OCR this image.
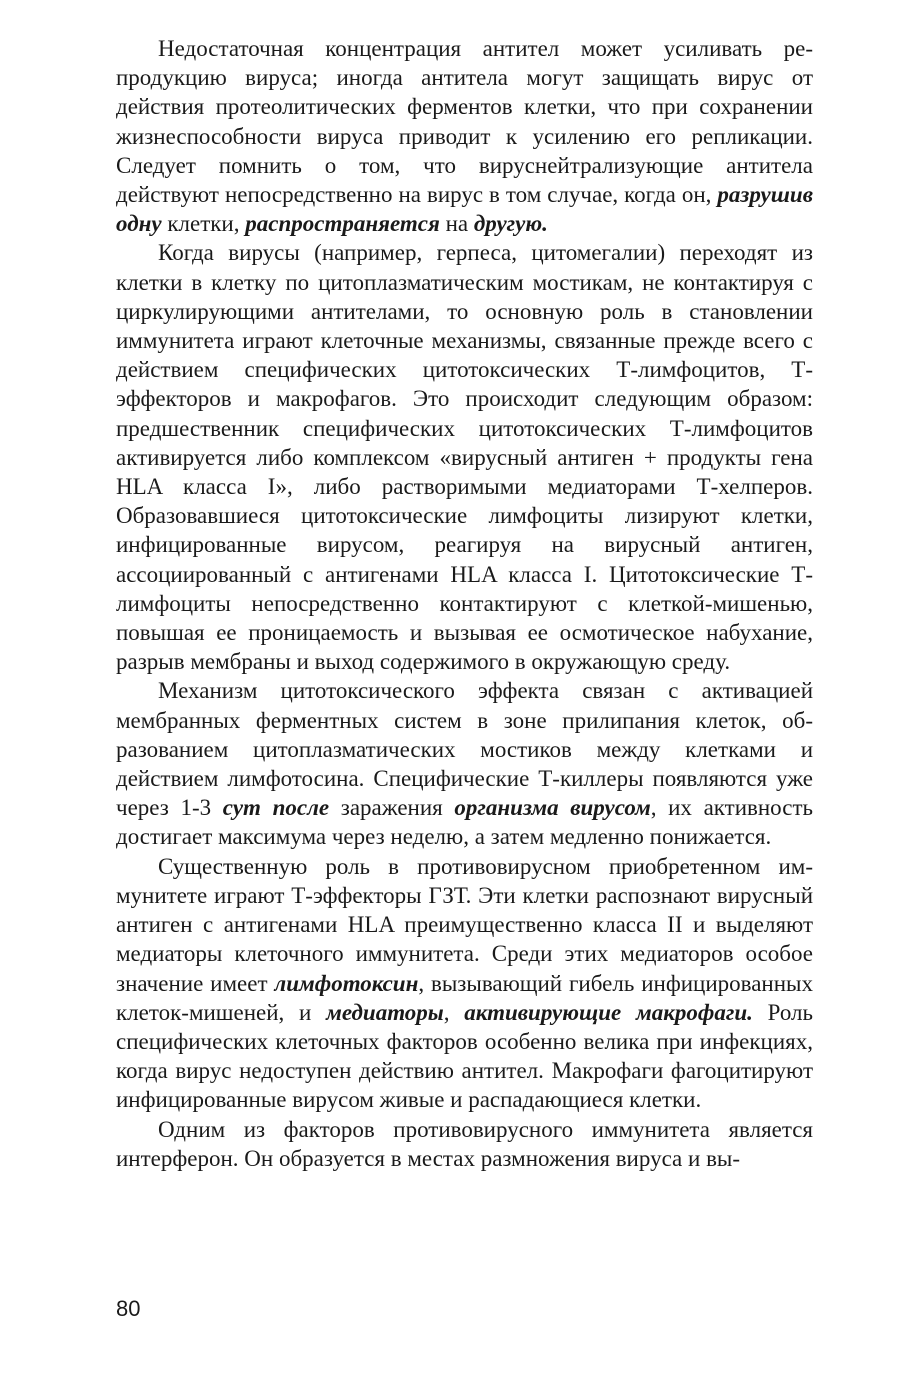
Недостаточная концентрация антител может усиливать репродукцию вируса; иногда антитела могут защищать вирус от действия протеолитических ферментов клетки, что при сохранении жизнеспособности вируса приводит к усилению его репликации. Следует помнить о том, что вируснейтрализующие антитела действуют непосредственно на вирус в том случае, когда он, разрушив одну клетки, распространяется на другую.

Когда вирусы (например, герпеса, цитомегалии) переходят из клетки в клетку по цитоплазматическим мостикам, не контактируя с циркулирующими антителами, то основную роль в становлении иммунитета играют клеточные механизмы, связанные прежде всего с действием специфических цитотоксических Т-лимфоцитов, Т-эффекторов и макрофагов. Это происходит следующим образом: предшественник специфических цитотоксических Т-лимфоцитов активируется либо комплексом «вирусный антиген + продукты гена HLA класса I», либо растворимыми медиаторами Т-хелперов. Образовавшиеся цитотоксические лимфоциты лизируют клетки, инфицированные вирусом, реагируя на вирусный антиген, ассоциированный с антигенами HLA класса I. Цитотоксические Т-лимфоциты непосредственно контактируют с клеткой-мишенью, повышая ее проницаемость и вызывая ее осмотическое набухание, разрыв мембраны и выход содержимого в окружающую среду.

Механизм цитотоксического эффекта связан с активацией мембранных ферментных систем в зоне прилипания клеток, образованием цитоплазматических мостиков между клетками и действием лимфотосина. Специфические Т-киллеры появляются уже через 1-3 сут после заражения организма вирусом, их активность достигает максимума через неделю, а затем медленно понижается.

Существенную роль в противовирусном приобретенном иммунитете играют Т-эффекторы ГЗТ. Эти клетки распознают вирусный антиген с антигенами HLA преимущественно класса II и выделяют медиаторы клеточного иммунитета. Среди этих медиаторов особое значение имеет лимфотоксин, вызывающий гибель инфицированных клеток-мишеней, и медиаторы, активирующие макрофаги. Роль специфических клеточных факторов особенно велика при инфекциях, когда вирус недоступен действию антител. Макрофаги фагоцитируют инфицированные вирусом живые и распадающиеся клетки.

Одним из факторов противовирусного иммунитета является интерферон. Он образуется в местах размножения вируса и вы-

80
